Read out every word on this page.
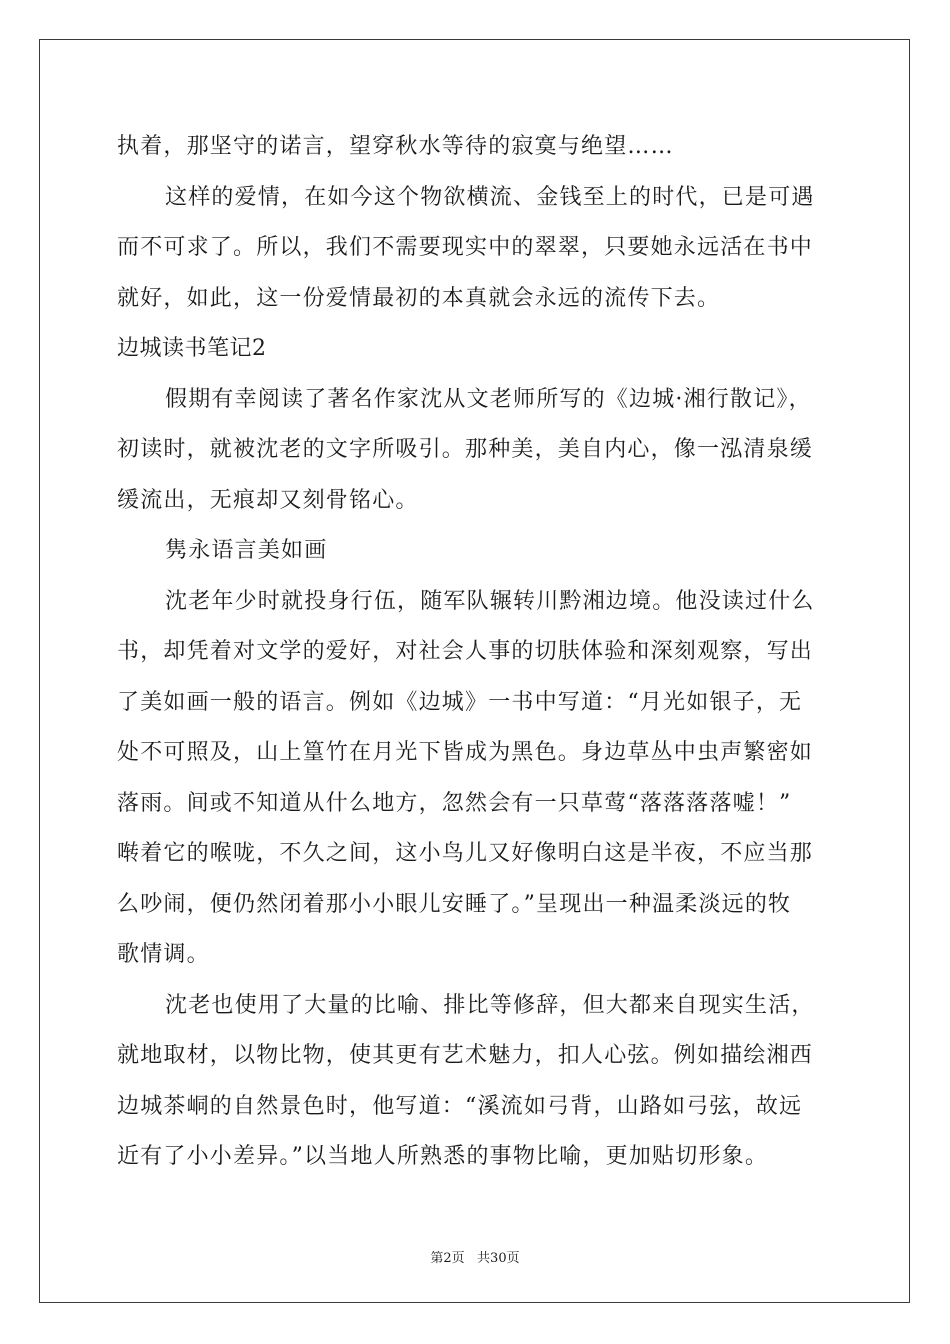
执着，那坚守的诺言，望穿秋水等待的寂寞与绝望……
这样的爱情，在如今这个物欲横流、金钱至上的时代，已是可遇
而不可求了。所以，我们不需要现实中的翠翠，只要她永远活在书中
就好，如此，这一份爱情最初的本真就会永远的流传下去。
边城读书笔记2
假期有幸阅读了著名作家沈从文老师所写的《边城·湘行散记》，
初读时，就被沈老的文字所吸引。那种美，美自内心，像一泓清泉缓
缓流出，无痕却又刻骨铭心。
隽永语言美如画
沈老年少时就投身行伍，随军队辗转川黔湘边境。他没读过什么
书，却凭着对文学的爱好，对社会人事的切肤体验和深刻观察，写出
了美如画一般的语言。例如《边城》一书中写道：“月光如银子，无
处不可照及，山上篁竹在月光下皆成为黑色。身边草丛中虫声繁密如
落雨。间或不知道从什么地方，忽然会有一只草莺“落落落落嘘！”
啭着它的喉咙，不久之间，这小鸟儿又好像明白这是半夜，不应当那
么吵闹，便仍然闭着那小小眼儿安睡了。”呈现出一种温柔淡远的牧
歌情调。
沈老也使用了大量的比喻、排比等修辞，但大都来自现实生活，
就地取材，以物比物，使其更有艺术魅力，扣人心弦。例如描绘湘西
边城茶峒的自然景色时，他写道：“溪流如弓背，山路如弓弦，故远
近有了小小差异。”以当地人所熟悉的事物比喻，更加贴切形象。
第2页   共30页
